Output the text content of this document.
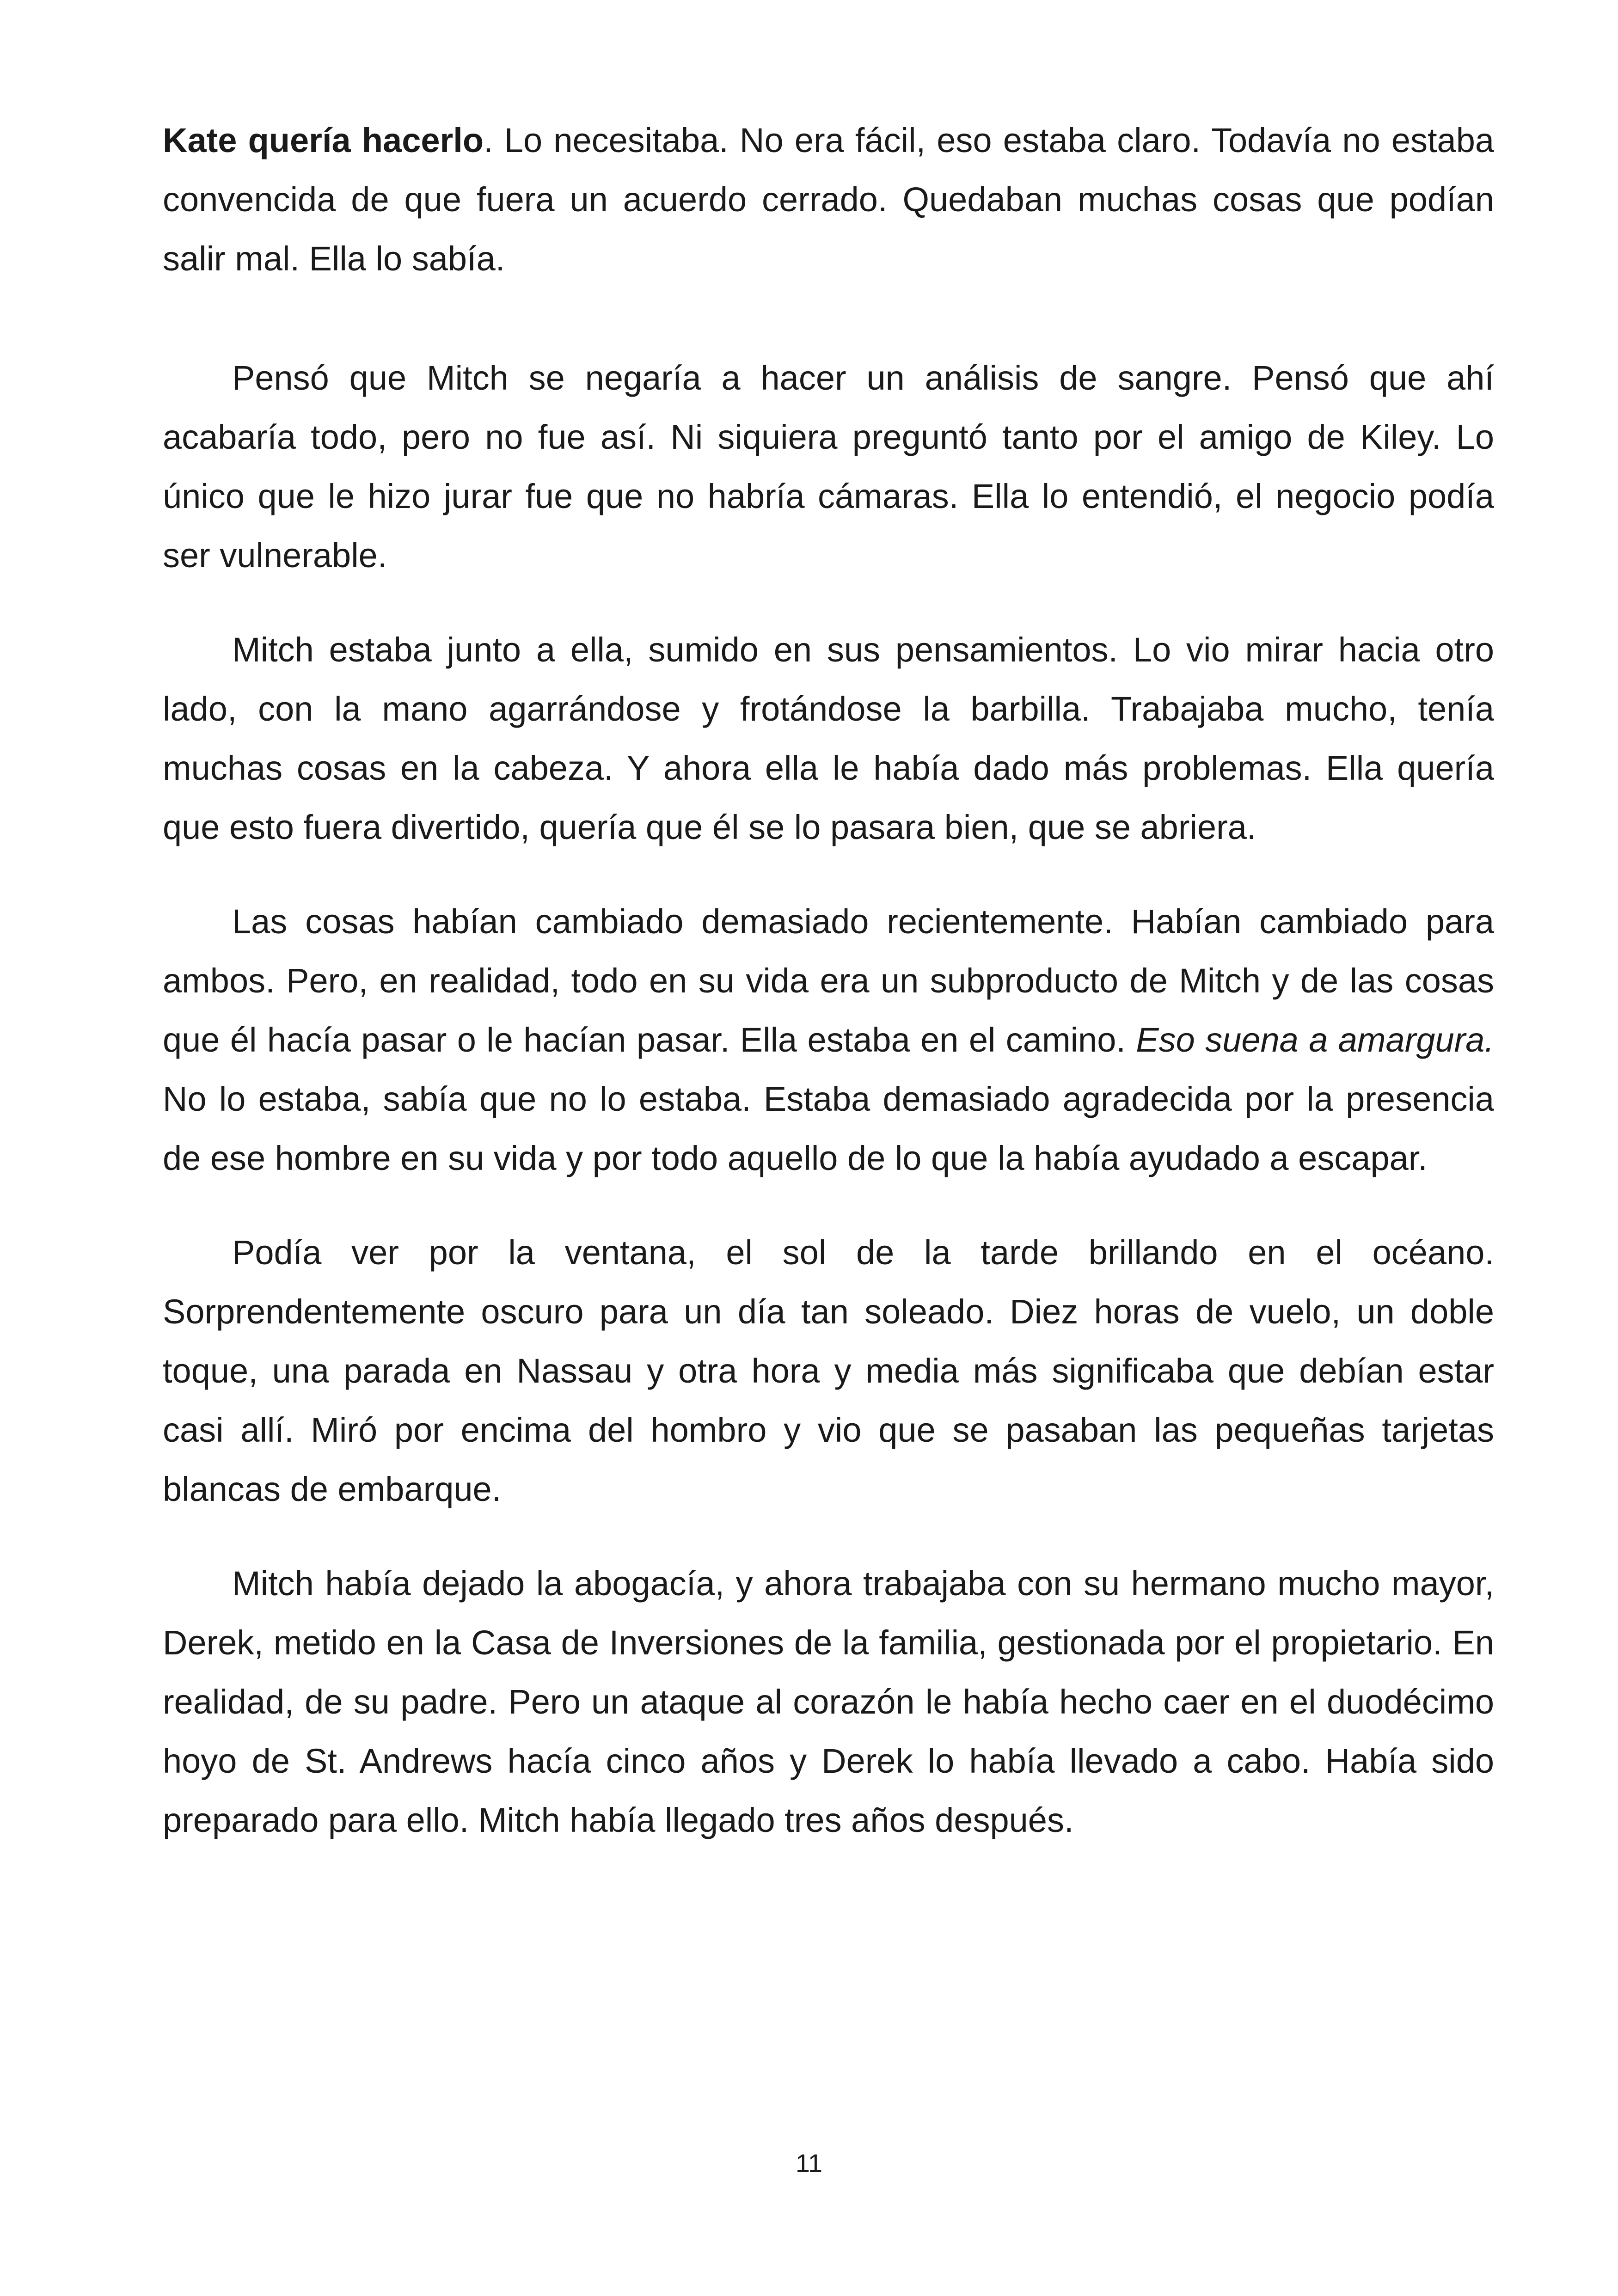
Kate quería hacerlo. Lo necesitaba. No era fácil, eso estaba claro. Todavía no estaba convencida de que fuera un acuerdo cerrado. Quedaban muchas cosas que podían salir mal. Ella lo sabía.

Pensó que Mitch se negaría a hacer un análisis de sangre. Pensó que ahí acabaría todo, pero no fue así. Ni siquiera preguntó tanto por el amigo de Kiley. Lo único que le hizo jurar fue que no habría cámaras. Ella lo entendió, el negocio podía ser vulnerable.

Mitch estaba junto a ella, sumido en sus pensamientos. Lo vio mirar hacia otro lado, con la mano agarrándose y frotándose la barbilla. Trabajaba mucho, tenía muchas cosas en la cabeza. Y ahora ella le había dado más problemas. Ella quería que esto fuera divertido, quería que él se lo pasara bien, que se abriera.

Las cosas habían cambiado demasiado recientemente. Habían cambiado para ambos. Pero, en realidad, todo en su vida era un subproducto de Mitch y de las cosas que él hacía pasar o le hacían pasar. Ella estaba en el camino. Eso suena a amargura. No lo estaba, sabía que no lo estaba. Estaba demasiado agradecida por la presencia de ese hombre en su vida y por todo aquello de lo que la había ayudado a escapar.

Podía ver por la ventana, el sol de la tarde brillando en el océano. Sorprendentemente oscuro para un día tan soleado. Diez horas de vuelo, un doble toque, una parada en Nassau y otra hora y media más significaba que debían estar casi allí. Miró por encima del hombro y vio que se pasaban las pequeñas tarjetas blancas de embarque.

Mitch había dejado la abogacía, y ahora trabajaba con su hermano mucho mayor, Derek, metido en la Casa de Inversiones de la familia, gestionada por el propietario. En realidad, de su padre. Pero un ataque al corazón le había hecho caer en el duodécimo hoyo de St. Andrews hacía cinco años y Derek lo había llevado a cabo. Había sido preparado para ello. Mitch había llegado tres años después.

11
